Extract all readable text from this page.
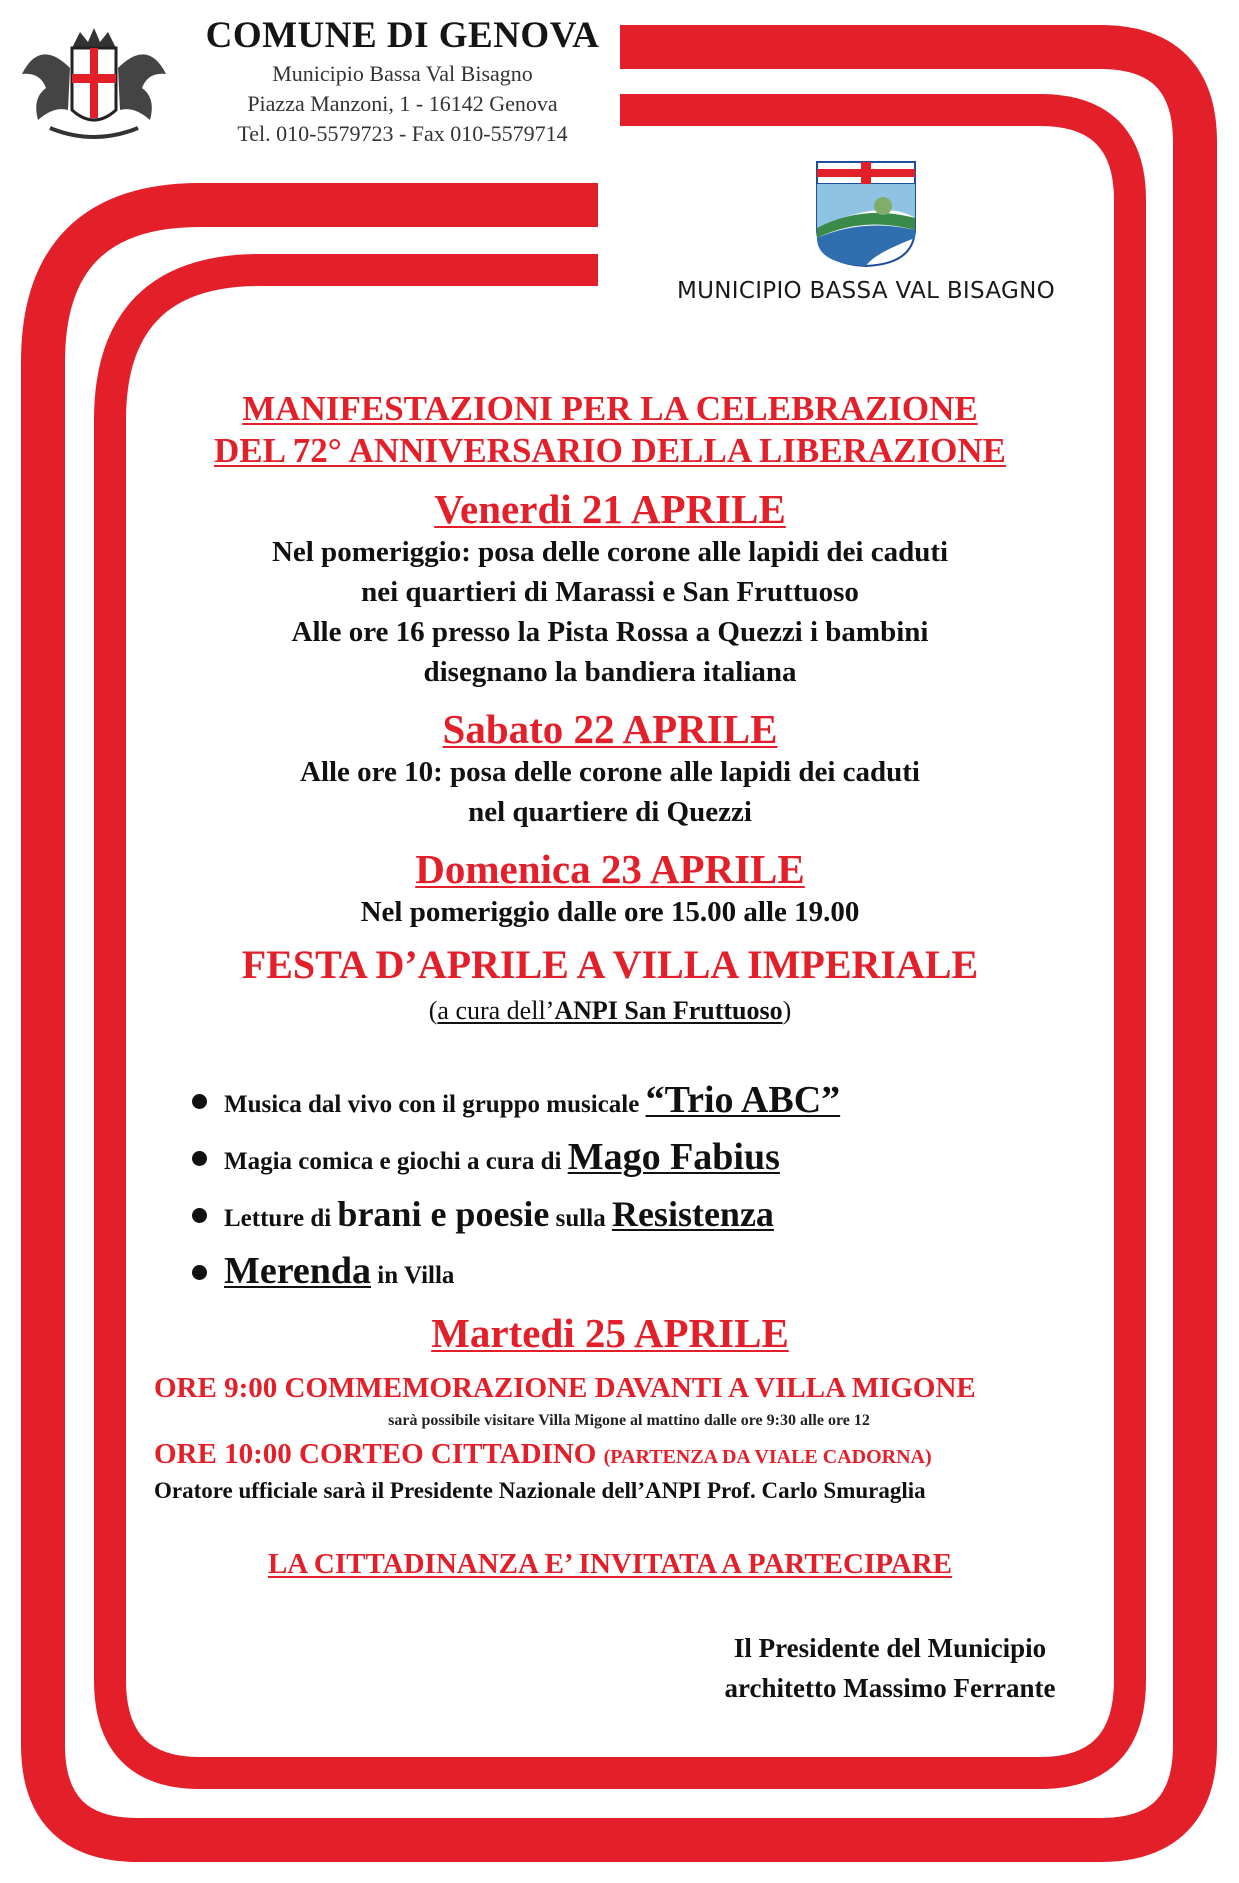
COMUNE DI GENOVA
Municipio Bassa Val Bisagno
Piazza Manzoni, 1 - 16142 Genova
Tel. 010-5579723 - Fax 010-5579714
MUNICIPIO BASSA VAL BISAGNO
MANIFESTAZIONI PER LA CELEBRAZIONE
DEL 72° ANNIVERSARIO DELLA LIBERAZIONE
Venerdi 21 APRILE
Nel pomeriggio: posa delle corone alle lapidi dei caduti
nei quartieri di Marassi e San Fruttuoso
Alle ore 16 presso la Pista Rossa a Quezzi i bambini
disegnano la bandiera italiana
Sabato 22 APRILE
Alle ore 10: posa delle corone alle lapidi dei caduti
nel quartiere di Quezzi
Domenica 23 APRILE
Nel pomeriggio dalle ore 15.00 alle 19.00
FESTA D’APRILE A VILLA IMPERIALE
(a cura dell’ANPI San Fruttuoso)
Musica dal vivo con il gruppo musicale “Trio ABC”
Magia comica e giochi a cura di Mago Fabius
Letture di brani e poesie sulla Resistenza
Merenda in Villa
Martedi 25 APRILE
ORE 9:00 COMMEMORAZIONE DAVANTI A VILLA MIGONE
sarà possibile visitare Villa Migone al mattino dalle ore 9:30 alle ore 12
ORE 10:00 CORTEO CITTADINO (PARTENZA DA VIALE CADORNA)
Oratore ufficiale sarà il Presidente Nazionale dell’ANPI Prof. Carlo Smuraglia
LA CITTADINANZA E’ INVITATA A PARTECIPARE
Il Presidente del Municipio
architetto Massimo Ferrante
